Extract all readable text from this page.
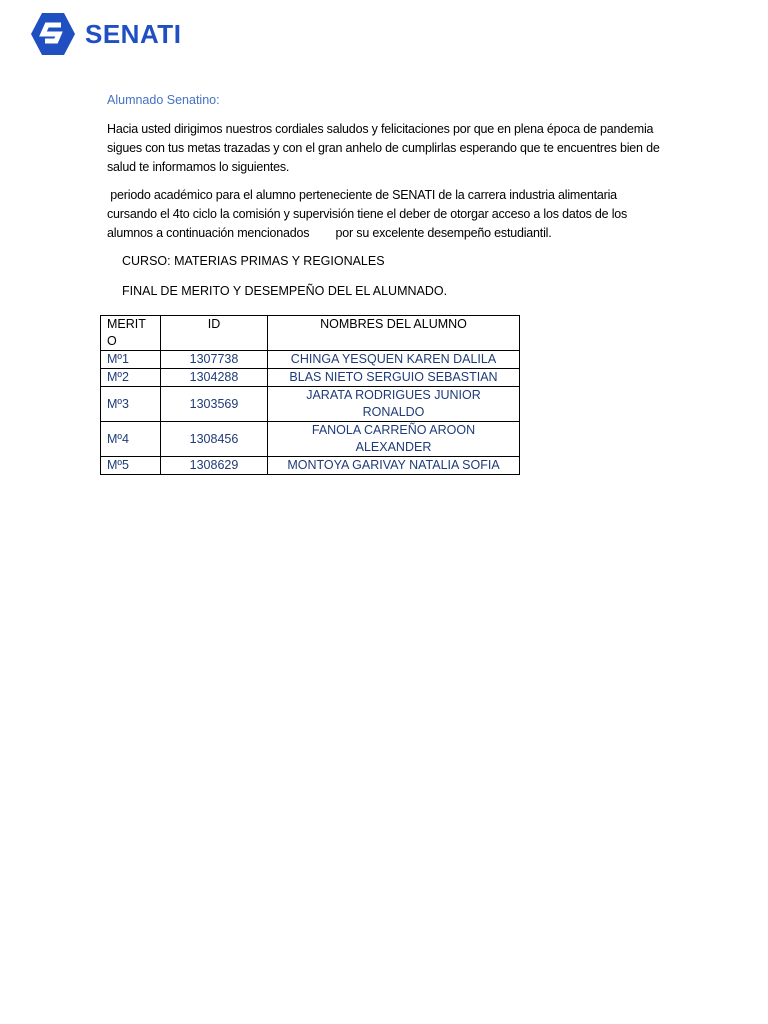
SENATI
Alumnado Senatino:
Hacia usted dirigimos nuestros cordiales saludos y felicitaciones por que en plena época de pandemia sigues con tus metas trazadas y con el gran anhelo de cumplirlas esperando que te encuentres bien de salud te informamos lo siguientes.
periodo académico para el alumno perteneciente de SENATI de la carrera industria alimentaria cursando el 4to ciclo la comisión y supervisión tiene el deber de otorgar acceso a los datos de los alumnos a continuación mencionados        por su excelente desempeño estudiantil.
CURSO: MATERIAS PRIMAS Y REGIONALES
FINAL DE MERITO Y DESEMPEÑO DEL EL ALUMNADO.
MERIT
O	ID	NOMBRES DEL ALUMNO
Mº1	1307738	CHINGA YESQUEN KAREN DALILA
Mº2	1304288	BLAS NIETO SERGUIO SEBASTIAN
Mº3	1303569	JARATA RODRIGUES JUNIOR RONALDO
Mº4	1308456	FANOLA CARREÑO AROON ALEXANDER
Mº5	1308629	MONTOYA GARIVAY NATALIA SOFIA
